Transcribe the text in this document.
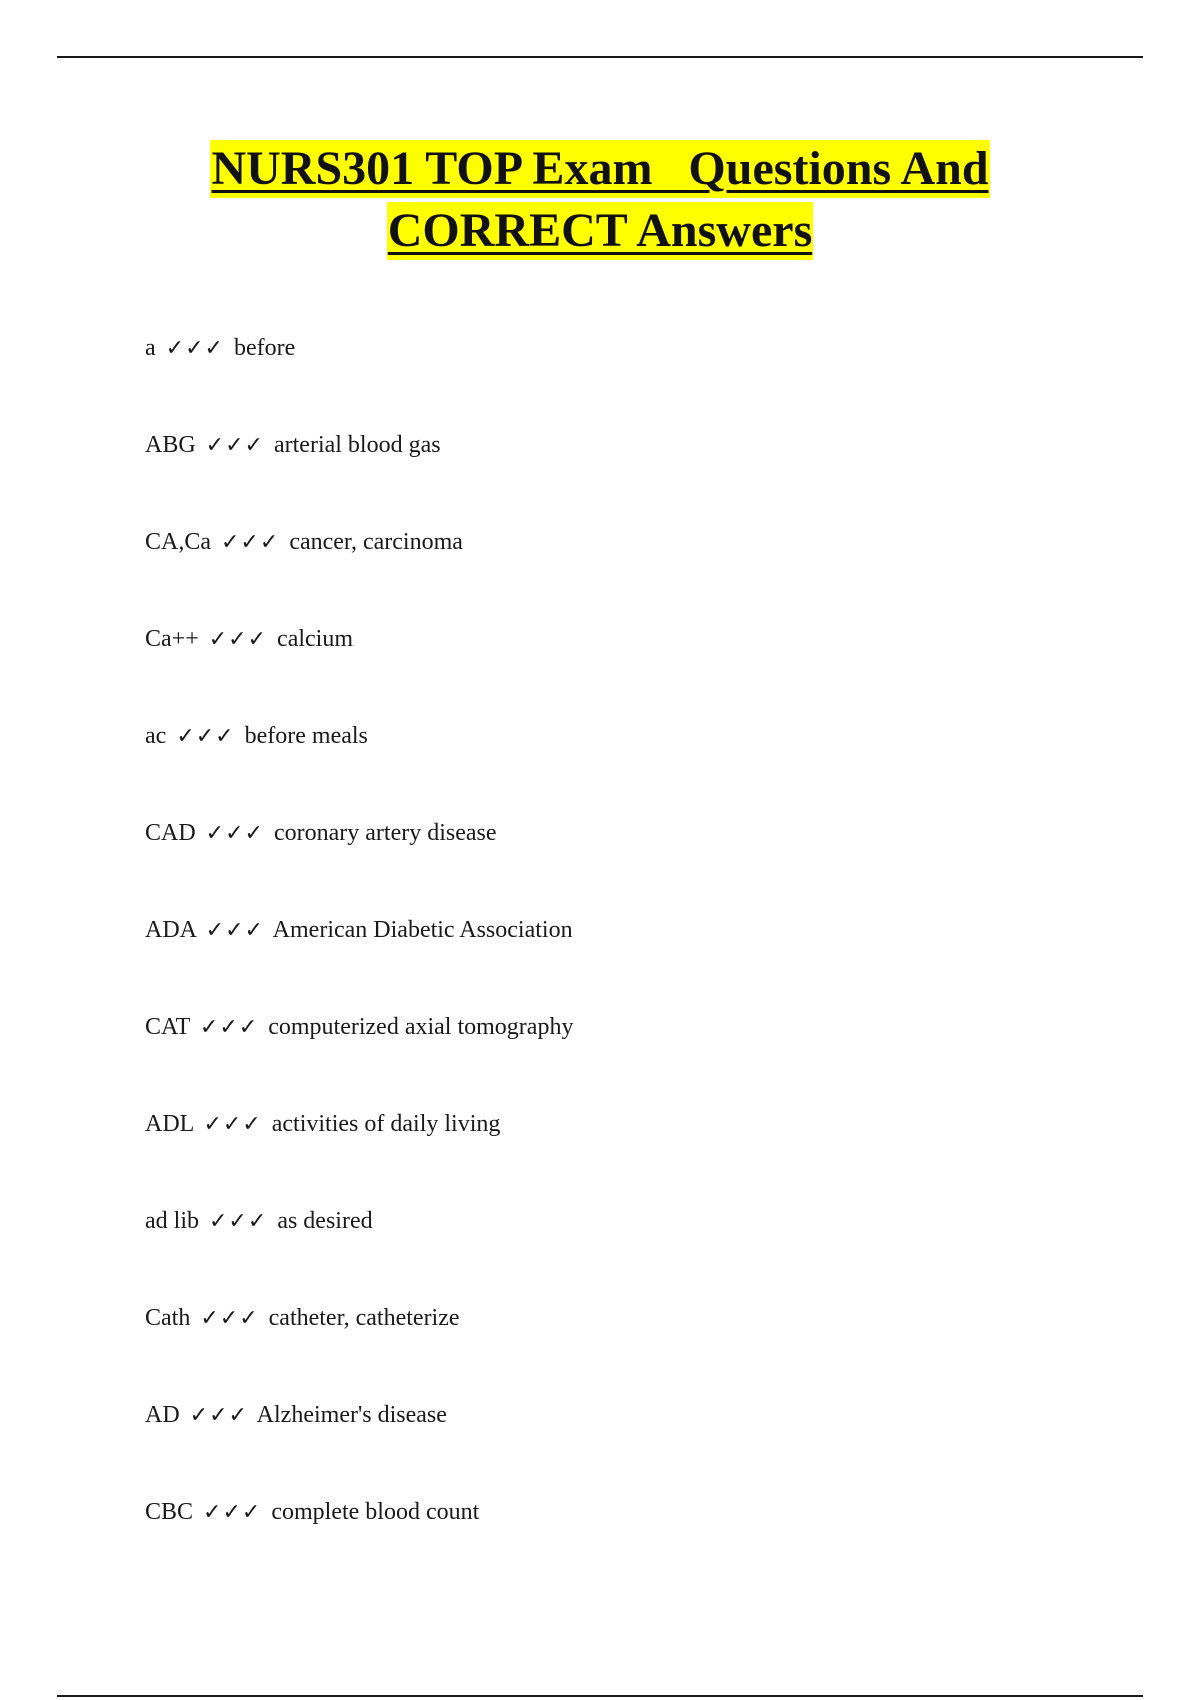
NURS301 TOP Exam   Questions And
CORRECT Answers
a ✓✓✓ before
ABG ✓✓✓ arterial blood gas
CA,Ca ✓✓✓ cancer, carcinoma
Ca++ ✓✓✓ calcium
ac ✓✓✓ before meals
CAD ✓✓✓ coronary artery disease
ADA ✓✓✓ American Diabetic Association
CAT ✓✓✓ computerized axial tomography
ADL ✓✓✓ activities of daily living
ad lib ✓✓✓ as desired
Cath ✓✓✓ catheter, catheterize
AD ✓✓✓ Alzheimer's disease
CBC ✓✓✓ complete blood count
